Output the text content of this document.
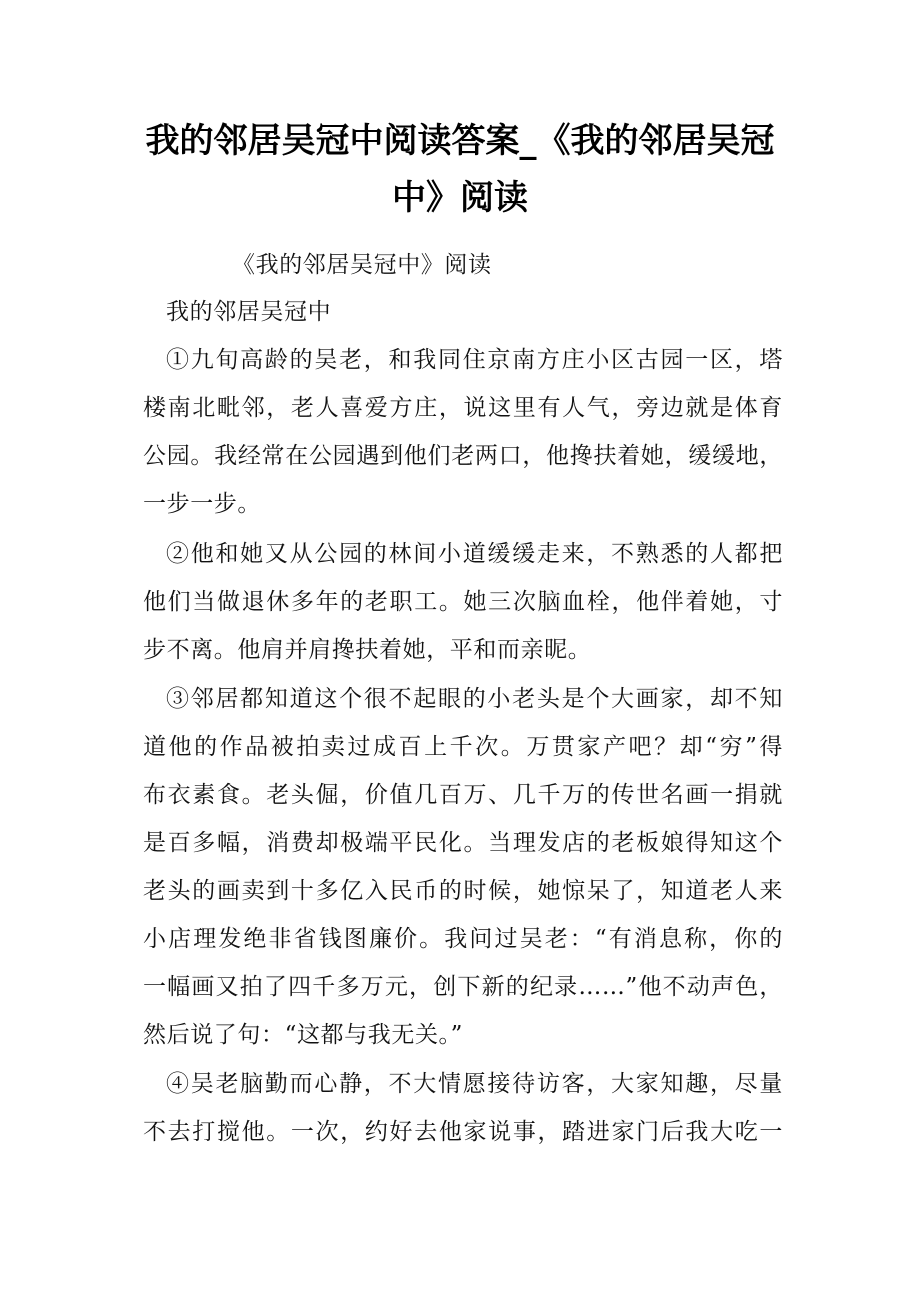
我的邻居吴冠中阅读答案_《我的邻居吴冠
中》阅读
《我的邻居吴冠中》阅读
我的邻居吴冠中
①九旬高龄的吴老，和我同住京南方庄小区古园一区，塔
楼南北毗邻，老人喜爱方庄，说这里有人气，旁边就是体育
公园。我经常在公园遇到他们老两口，他搀扶着她，缓缓地，
一步一步。
②他和她又从公园的林间小道缓缓走来，不熟悉的人都把
他们当做退休多年的老职工。她三次脑血栓，他伴着她，寸
步不离。他肩并肩搀扶着她，平和而亲昵。
③邻居都知道这个很不起眼的小老头是个大画家，却不知
道他的作品被拍卖过成百上千次。万贯家产吧？却“穷”得
布衣素食。老头倔，价值几百万、几千万的传世名画一捐就
是百多幅，消费却极端平民化。当理发店的老板娘得知这个
老头的画卖到十多亿入民币的时候，她惊呆了，知道老人来
小店理发绝非省钱图廉价。我问过吴老：“有消息称，你的
一幅画又拍了四千多万元，创下新的纪录……”他不动声色，
然后说了句：“这都与我无关。”
④吴老脑勤而心静，不大情愿接待访客，大家知趣，尽量
不去打搅他。一次，约好去他家说事，踏进家门后我大吃一
